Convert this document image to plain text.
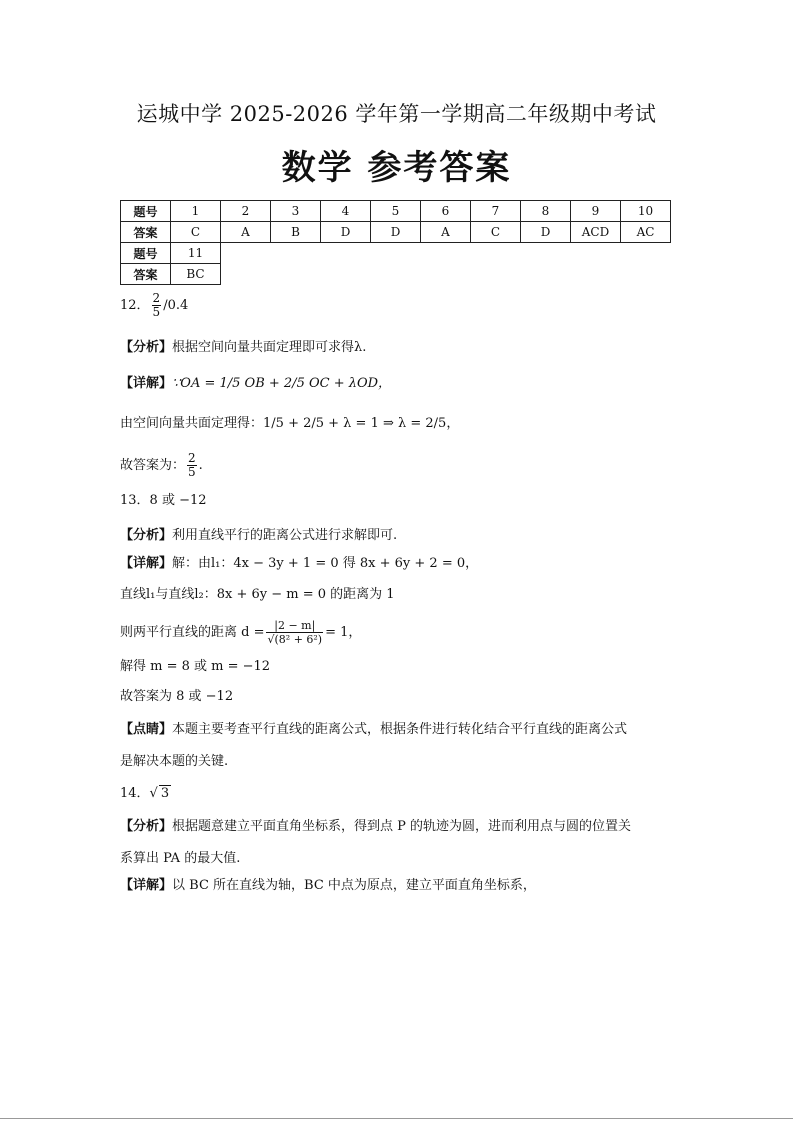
运城中学 2025-2026 学年第一学期高二年级期中考试
数学 参考答案
题号	1	2	3	4	5	6	7	8	9	10
答案	C	A	B	D	D	A	C	D	ACD	AC
题号	11									
答案	BC									
12． $\frac{2}{5} /0.4$
【分析】根据空间向量共面定理即可求得λ.
【详解】∵OA = 1/5 OB + 2/5 OC + λOD，
由空间向量共面定理得：1/5 + 2/5 + λ = 1 ⇒ λ = 2/5，
故答案为： $\frac{2}{5}$ .
13．8 或 −12
【分析】利用直线平行的距离公式进行求解即可.
【详解】解：由l₁：4x − 3y + 1 = 0 得 8x + 6y + 2 = 0，
直线l₁与直线l₂：8x + 6y − m = 0 的距离为 1
则两平行直线的距离 $d = \frac{|2 - m|}{\text{√(8² + 6²)}} = 1$，
解得 m = 8 或 m = −12
故答案为 8 或 −12
【点睛】本题主要考查平行直线的距离公式，根据条件进行转化结合平行直线的距离公式
是解决本题的关键.
14．√ 3
【分析】根据题意建立平面直角坐标系，得到点 P 的轨迹为圆，进而利用点与圆的位置关
系算出 PA 的最大值.
【详解】以 BC 所在直线为轴，BC 中点为原点，建立平面直角坐标系，
